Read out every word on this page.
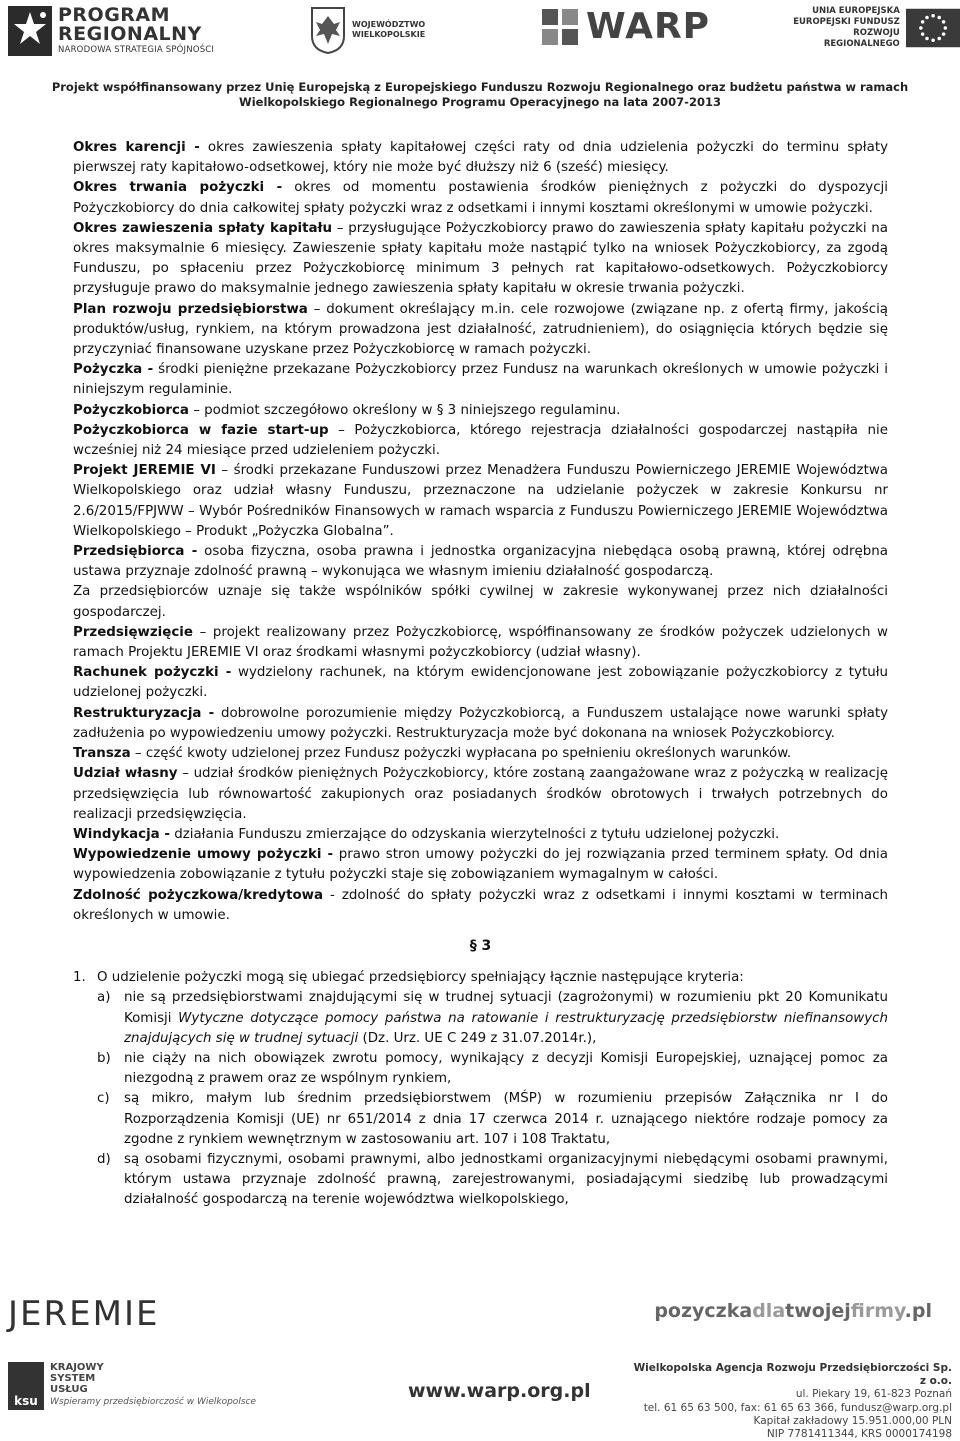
PROGRAM
REGIONALNY
NARODOWA STRATEGIA SPÓJNOŚCI
WOJEWÓDZTWO
WIELKOPOLSKIE	WARP	UNIA EUROPEJSKA
EUROPEJSKI FUNDUSZ
ROZWOJU REGIONALNEGO
Projekt współfinansowany przez Unię Europejską z Europejskiego Funduszu Rozwoju Regionalnego oraz budżetu państwa w ramach
Wielkopolskiego Regionalnego Programu Operacyjnego na lata 2007-2013

Okres karencji - okres zawieszenia spłaty kapitałowej części raty od dnia udzielenia pożyczki do terminu spłaty pierwszej raty kapitałowo-odsetkowej, który nie może być dłuższy niż 6 (sześć) miesięcy.

Okres trwania pożyczki - okres od momentu postawienia środków pieniężnych z pożyczki do dyspozycji Pożyczkobiorcy do dnia całkowitej spłaty pożyczki wraz z odsetkami i innymi kosztami określonymi w umowie pożyczki.

Okres zawieszenia spłaty kapitału – przysługujące Pożyczkobiorcy prawo do zawieszenia spłaty kapitału pożyczki na okres maksymalnie 6 miesięcy. Zawieszenie spłaty kapitału może nastąpić tylko na wniosek Pożyczkobiorcy, za zgodą Funduszu, po spłaceniu przez Pożyczkobiorcę minimum 3 pełnych rat kapitałowo-odsetkowych. Pożyczkobiorcy przysługuje prawo do maksymalnie jednego zawieszenia spłaty kapitału w okresie trwania pożyczki.

Plan rozwoju przedsiębiorstwa – dokument określający m.in. cele rozwojowe (związane np. z ofertą firmy, jakością produktów/usług, rynkiem, na którym prowadzona jest działalność, zatrudnieniem), do osiągnięcia których będzie się przyczyniać finansowane uzyskane przez Pożyczkobiorcę w ramach pożyczki.

Pożyczka - środki pieniężne przekazane Pożyczkobiorcy przez Fundusz na warunkach określonych w umowie pożyczki i niniejszym regulaminie.

Pożyczkobiorca – podmiot szczegółowo określony w § 3 niniejszego regulaminu.

Pożyczkobiorca w fazie start-up – Pożyczkobiorca, którego rejestracja działalności gospodarczej nastąpiła nie wcześniej niż 24 miesiące przed udzieleniem pożyczki.

Projekt JEREMIE VI – środki przekazane Funduszowi przez Menadżera Funduszu Powierniczego JEREMIE Województwa Wielkopolskiego oraz udział własny Funduszu, przeznaczone na udzielanie pożyczek w zakresie Konkursu nr 2.6/2015/FPJWW – Wybór Pośredników Finansowych w ramach wsparcia z Funduszu Powierniczego JEREMIE Województwa Wielkopolskiego – Produkt „Pożyczka Globalna”.

Przedsiębiorca - osoba fizyczna, osoba prawna i jednostka organizacyjna niebędąca osobą prawną, której odrębna ustawa przyznaje zdolność prawną – wykonująca we własnym imieniu działalność gospodarczą.

Za przedsiębiorców uznaje się także wspólników spółki cywilnej w zakresie wykonywanej przez nich działalności gospodarczej.

Przedsięwzięcie – projekt realizowany przez Pożyczkobiorcę, współfinansowany ze środków pożyczek udzielonych w ramach Projektu JEREMIE VI oraz środkami własnymi pożyczkobiorcy (udział własny).

Rachunek pożyczki - wydzielony rachunek, na którym ewidencjonowane jest zobowiązanie pożyczkobiorcy z tytułu udzielonej pożyczki.

Restrukturyzacja - dobrowolne porozumienie między Pożyczkobiorcą, a Funduszem ustalające nowe warunki spłaty zadłużenia po wypowiedzeniu umowy pożyczki. Restrukturyzacja może być dokonana na wniosek Pożyczkobiorcy.

Transza – część kwoty udzielonej przez Fundusz pożyczki wypłacana po spełnieniu określonych warunków.

Udział własny – udział środków pieniężnych Pożyczkobiorcy, które zostaną zaangażowane wraz z pożyczką w realizację przedsięwzięcia lub równowartość zakupionych oraz posiadanych środków obrotowych i trwałych potrzebnych do realizacji przedsięwzięcia.

Windykacja - działania Funduszu zmierzające do odzyskania wierzytelności z tytułu udzielonej pożyczki.

Wypowiedzenie umowy pożyczki - prawo stron umowy pożyczki do jej rozwiązania przed terminem spłaty. Od dnia wypowiedzenia zobowiązanie z tytułu pożyczki staje się zobowiązaniem wymagalnym w całości.

Zdolność pożyczkowa/kredytowa - zdolność do spłaty pożyczki wraz z odsetkami i innymi kosztami w terminach określonych w umowie.

§ 3
1. O udzielenie pożyczki mogą się ubiegać przedsiębiorcy spełniający łącznie następujące kryteria:
a)	nie są przedsiębiorstwami znajdującymi się w trudnej sytuacji (zagrożonymi) w rozumieniu pkt 20 Komunikatu Komisji Wytyczne dotyczące pomocy państwa na ratowanie i restrukturyzację przedsiębiorstw niefinansowych znajdujących się w trudnej sytuacji (Dz. Urz. UE C 249 z 31.07.2014r.),
b) nie ciąży na nich obowiązek zwrotu pomocy, wynikający z decyzji Komisji Europejskiej, uznającej pomoc za niezgodną z prawem oraz ze wspólnym rynkiem,
c)	są mikro, małym lub średnim przedsiębiorstwem (MŚP) w rozumieniu przepisów Załącznika nr I do Rozporządzenia Komisji (UE) nr 651/2014 z dnia 17 czerwca 2014 r. uznającego niektóre rodzaje pomocy za zgodne z rynkiem wewnętrznym w zastosowaniu art. 107 i 108 Traktatu,
d) są osobami fizycznymi, osobami prawnymi, albo jednostkami organizacyjnymi niebędącymi osobami prawnymi, którym ustawa przyznaje zdolność prawną, zarejestrowanymi, posiadającymi siedzibę lub prowadzącymi działalność gospodarczą na terenie województwa wielkopolskiego,
JEREMIE	pozyczkadlatwojejfirmy.pl
ksu
KRAJOWY
SYSTEM
USŁUG
Wspieramy przedsiębiorczość w Wielkopolsce	www.warp.org.pl
Wielkopolska Agencja Rozwoju Przedsiębiorczości Sp. z o.o.
ul. Piekary 19, 61-823 Poznań
tel. 61 65 63 500, fax: 61 65 63 366, fundusz@warp.org.pl
Kapitał zakładowy 15.951.000,00 PLN
NIP 7781411344, KRS 0000174198
